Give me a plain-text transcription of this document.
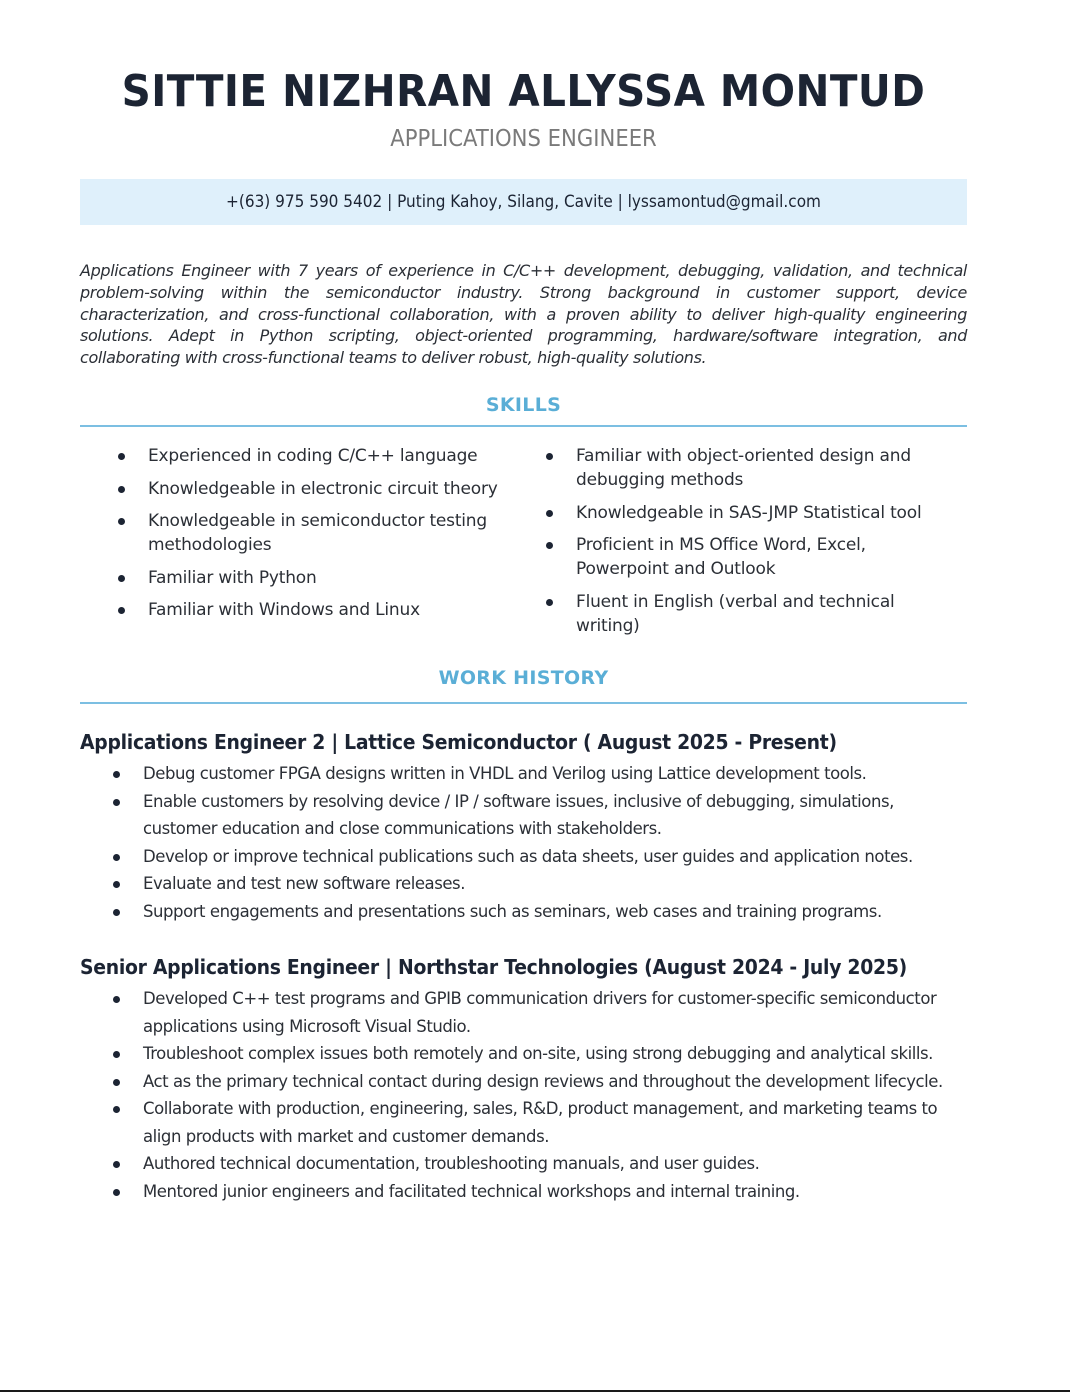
SITTIE NIZHRAN ALLYSSA MONTUD
APPLICATIONS ENGINEER
+(63) 975 590 5402 | Puting Kahoy, Silang, Cavite | lyssamontud@gmail.com
Applications Engineer with 7 years of experience in C/C++ development, debugging, validation, and technical problem-solving within the semiconductor industry. Strong background in customer support, device characterization, and cross-functional collaboration, with a proven ability to deliver high-quality engineering solutions. Adept in Python scripting, object-oriented programming, hardware/software integration, and collaborating with cross-functional teams to deliver robust, high-quality solutions.
SKILLS
Experienced in coding C/C++ language
Knowledgeable in electronic circuit theory
Knowledgeable in semiconductor testing methodologies
Familiar with Python
Familiar with Windows and Linux
Familiar with object-oriented design and debugging methods
Knowledgeable in SAS-JMP Statistical tool
Proficient in MS Office Word, Excel, Powerpoint and Outlook
Fluent in English (verbal and technical writing)
WORK HISTORY
Applications Engineer 2 | Lattice Semiconductor ( August 2025 - Present)
Debug customer FPGA designs written in VHDL and Verilog using Lattice development tools.
Enable customers by resolving device / IP / software issues, inclusive of debugging, simulations, customer education and close communications with stakeholders.
Develop or improve technical publications such as data sheets, user guides and application notes.
Evaluate and test new software releases.
Support engagements and presentations such as seminars, web cases and training programs.
Senior Applications Engineer | Northstar Technologies (August 2024 - July 2025)
Developed C++ test programs and GPIB communication drivers for customer-specific semiconductor applications using Microsoft Visual Studio.
Troubleshoot complex issues both remotely and on-site, using strong debugging and analytical skills.
Act as the primary technical contact during design reviews and throughout the development lifecycle.
Collaborate with production, engineering, sales, R&D, product management, and marketing teams to align products with market and customer demands.
Authored technical documentation, troubleshooting manuals, and user guides.
Mentored junior engineers and facilitated technical workshops and internal training.
